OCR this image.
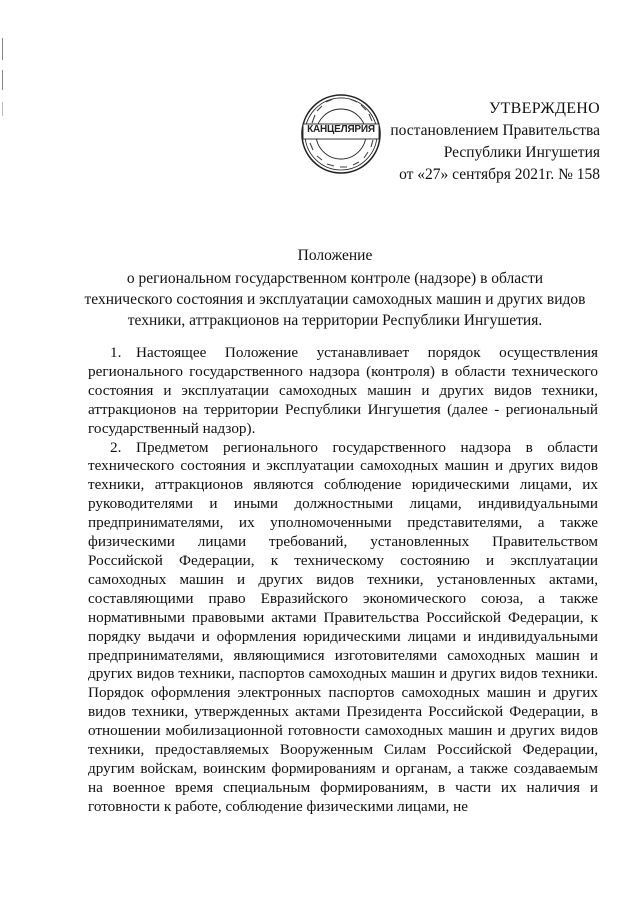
КАНЦЕЛЯРИЯ
УТВЕРЖДЕНО
постановлением Правительства
Республики Ингушетия
от «27» сентября 2021г. № 158
Положение
о региональном государственном контроле (надзоре) в области
технического состояния и эксплуатации самоходных машин и других видов
техники, аттракционов на территории Республики Ингушетия.

1. Настоящее Положение устанавливает порядок осуществления регионального государственного надзора (контроля) в области технического состояния и эксплуатации самоходных машин и других видов техники, аттракционов на территории Республики Ингушетия (далее - региональный государственный надзор).

2. Предметом регионального государственного надзора в области технического состояния и эксплуатации самоходных машин и других видов техники, аттракционов являются соблюдение юридическими лицами, их руководителями и иными должностными лицами, индивидуальными предпринимателями, их уполномоченными представителями, а также физическими лицами требований, установленных Правительством Российской Федерации, к техническому состоянию и эксплуатации самоходных машин и других видов техники, установленных актами, составляющими право Евразийского экономического союза, а также нормативными правовыми актами Правительства Российской Федерации, к порядку выдачи и оформления юридическими лицами и индивидуальными предпринимателями, являющимися изготовителями самоходных машин и других видов техники, паспортов самоходных машин и других видов техники. Порядок оформления электронных паспортов самоходных машин и других видов техники, утвержденных актами Президента Российской Федерации, в отношении мобилизационной готовности самоходных машин и других видов техники, предоставляемых Вооруженным Силам Российской Федерации, другим войскам, воинским формированиям и органам, а также создаваемым на военное время специальным формированиям, в части их наличия и готовности к работе, соблюдение физическими лицами, не
